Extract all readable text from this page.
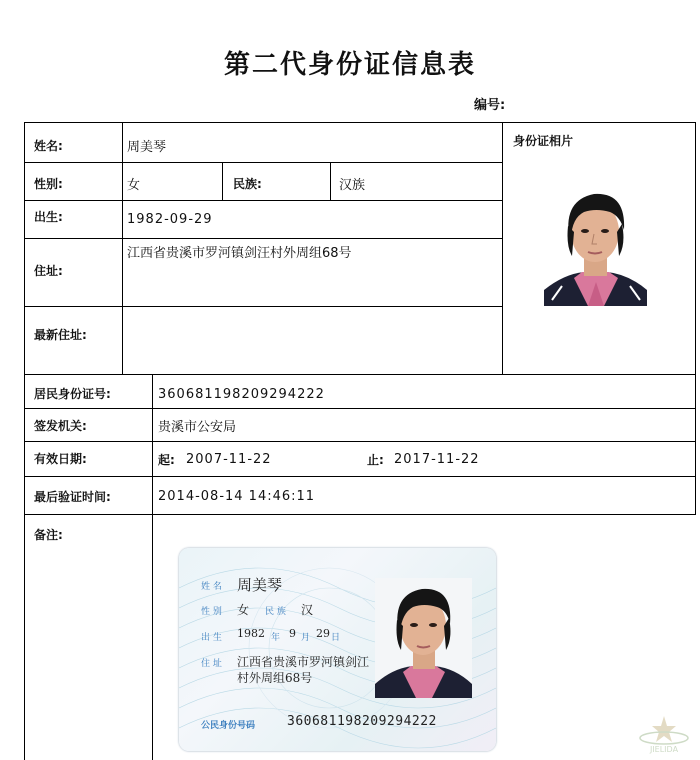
第二代身份证信息表
编号:
姓名:	周美琴
性别:	女	民族:	汉族
出生:	1982-09-29
住址:
江西省贵溪市罗河镇剑汪村外周组68号
最新住址:
身份证相片
居民身份证号:	360681198209294222
签发机关:	贵溪市公安局
有效日期:	起: 2007-11-22	止: 2017-11-22
最后验证时间:	2014-08-14 14:46:11
备注:
姓 名 周美琴
性 别 女 民 族 汉
出 生 1982 年 9 月 29 日
住 址 江西省贵溪市罗河镇剑江
村外周组68号
公民身份号码 360681198209294222
JIELIDA
